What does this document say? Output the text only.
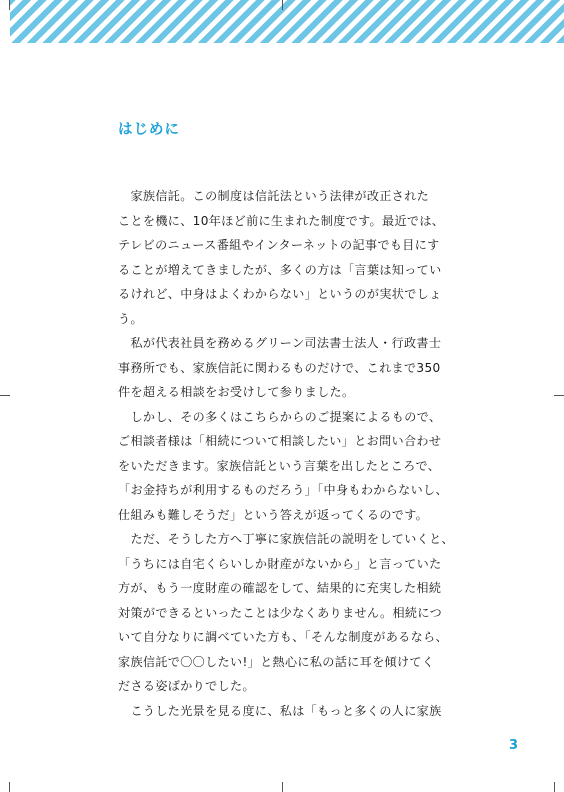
はじめに
　家族信託。この制度は信託法という法律が改正された
ことを機に、10年ほど前に生まれた制度です。最近では、
テレビのニュース番組やインターネットの記事でも目にす
ることが増えてきましたが、多くの方は「言葉は知ってい
るけれど、中身はよくわからない」というのが実状でしょ
う。
　私が代表社員を務めるグリーン司法書士法人・行政書士
事務所でも、家族信託に関わるものだけで、これまで350
件を超える相談をお受けして参りました。
　しかし、その多くはこちらからのご提案によるもので、
ご相談者様は「相続について相談したい」とお問い合わせ
をいただきます。家族信託という言葉を出したところで、
「お金持ちが利用するものだろう」「中身もわからないし、
仕組みも難しそうだ」という答えが返ってくるのです。
　ただ、そうした方へ丁寧に家族信託の説明をしていくと、
「うちには自宅くらいしか財産がないから」と言っていた
方が、もう一度財産の確認をして、結果的に充実した相続
対策ができるといったことは少なくありません。相続につ
いて自分なりに調べていた方も、「そんな制度があるなら、
家族信託で〇〇したい!」と熱心に私の話に耳を傾けてく
ださる姿ばかりでした。
　こうした光景を見る度に、私は「もっと多くの人に家族
3
